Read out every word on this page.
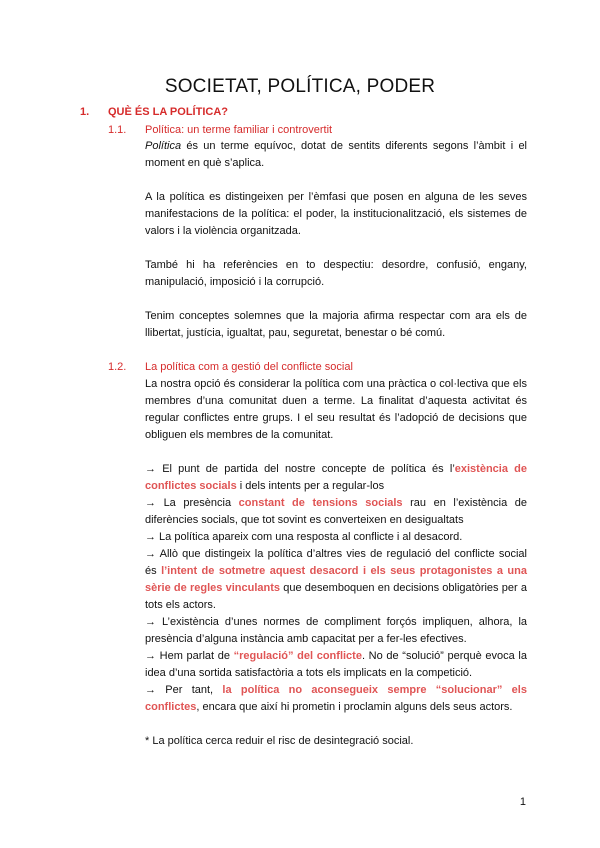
SOCIETAT, POLÍTICA, PODER
1. QUÈ ÉS LA POLÍTICA?
1.1. Política: un terme familiar i controvertit

Política és un terme equívoc, dotat de sentits diferents segons l’àmbit i el moment en què s’aplica.

A la política es distingeixen per l’èmfasi que posen en alguna de les seves manifestacions de la política: el poder, la institucionalització, els sistemes de valors i la violència organitzada.

També hi ha referències en to despectiu: desordre, confusió, engany, manipulació, imposició i la corrupció.

Tenim conceptes solemnes que la majoria afirma respectar com ara els de llibertat, justícia, igualtat, pau, seguretat, benestar o bé comú.

1.2. La política com a gestió del conflicte social

La nostra opció és considerar la política com una pràctica o col·lectiva que els membres d’una comunitat duen a terme. La finalitat d’aquesta activitat és regular conflictes entre grups. I el seu resultat és l’adopció de decisions que obliguen els membres de la comunitat.

→ El punt de partida del nostre concepte de política és l’existència de conflictes socials i dels intents per a regular-los

→ La presència constant de tensions socials rau en l’existència de diferències socials, que tot sovint es converteixen en desigualtats

→ La política apareix com una resposta al conflicte i al desacord.

→ Allò que distingeix la política d’altres vies de regulació del conflicte social és l’intent de sotmetre aquest desacord i els seus protagonistes a una sèrie de regles vinculants que desemboquen en decisions obligatòries per a tots els actors.

→ L’existència d’unes normes de compliment forçós impliquen, alhora, la presència d’alguna instància amb capacitat per a fer-les efectives.

→ Hem parlat de “regulació” del conflicte. No de “solució” perquè evoca la idea d’una sortida satisfactòria a tots els implicats en la competició.

→ Per tant, la política no aconsegueix sempre “solucionar” els conflictes, encara que així hi prometin i proclamin alguns dels seus actors.

* La política cerca reduir el risc de desintegració social.

1
